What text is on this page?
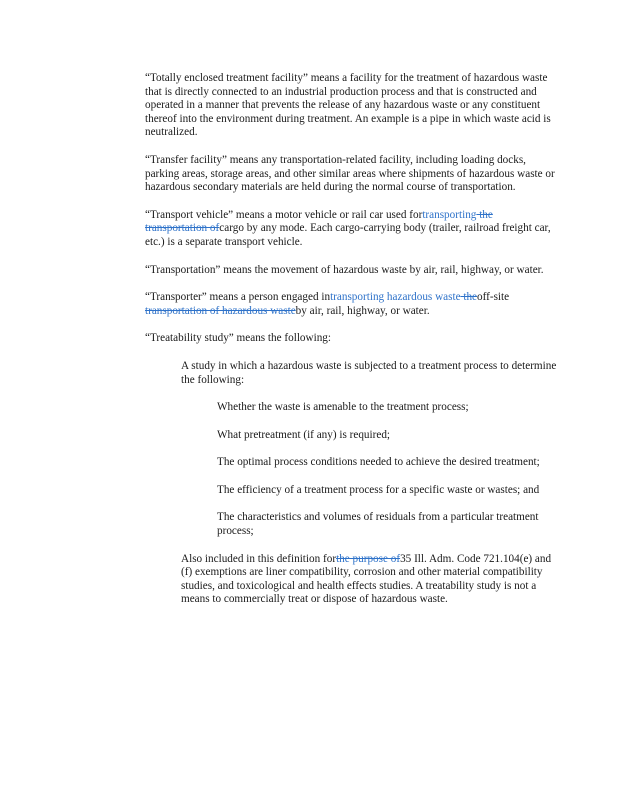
“Totally enclosed treatment facility” means a facility for the treatment of hazardous waste that is directly connected to an industrial production process and that is constructed and operated in a manner that prevents the release of any hazardous waste or any constituent thereof into the environment during treatment. An example is a pipe in which waste acid is neutralized.

“Transfer facility” means any transportation-related facility, including loading docks, parking areas, storage areas, and other similar areas where shipments of hazardous waste or hazardous secondary materials are held during the normal course of transportation.

“Transport vehicle” means a motor vehicle or rail car used fortransporting the transportation ofcargo by any mode. Each cargo-carrying body (trailer, railroad freight car, etc.) is a separate transport vehicle.

“Transportation” means the movement of hazardous waste by air, rail, highway, or water.

“Transporter” means a person engaged intransporting hazardous waste theoff-site transportation of hazardous wasteby air, rail, highway, or water.

“Treatability study” means the following:

A study in which a hazardous waste is subjected to a treatment process to determine the following:

Whether the waste is amenable to the treatment process;

What pretreatment (if any) is required;

The optimal process conditions needed to achieve the desired treatment;

The efficiency of a treatment process for a specific waste or wastes; and

The characteristics and volumes of residuals from a particular treatment process;

Also included in this definition forthe purpose of35 Ill. Adm. Code 721.104(e) and (f) exemptions are liner compatibility, corrosion and other material compatibility studies, and toxicological and health effects studies. A treatability study is not a means to commercially treat or dispose of hazardous waste.
